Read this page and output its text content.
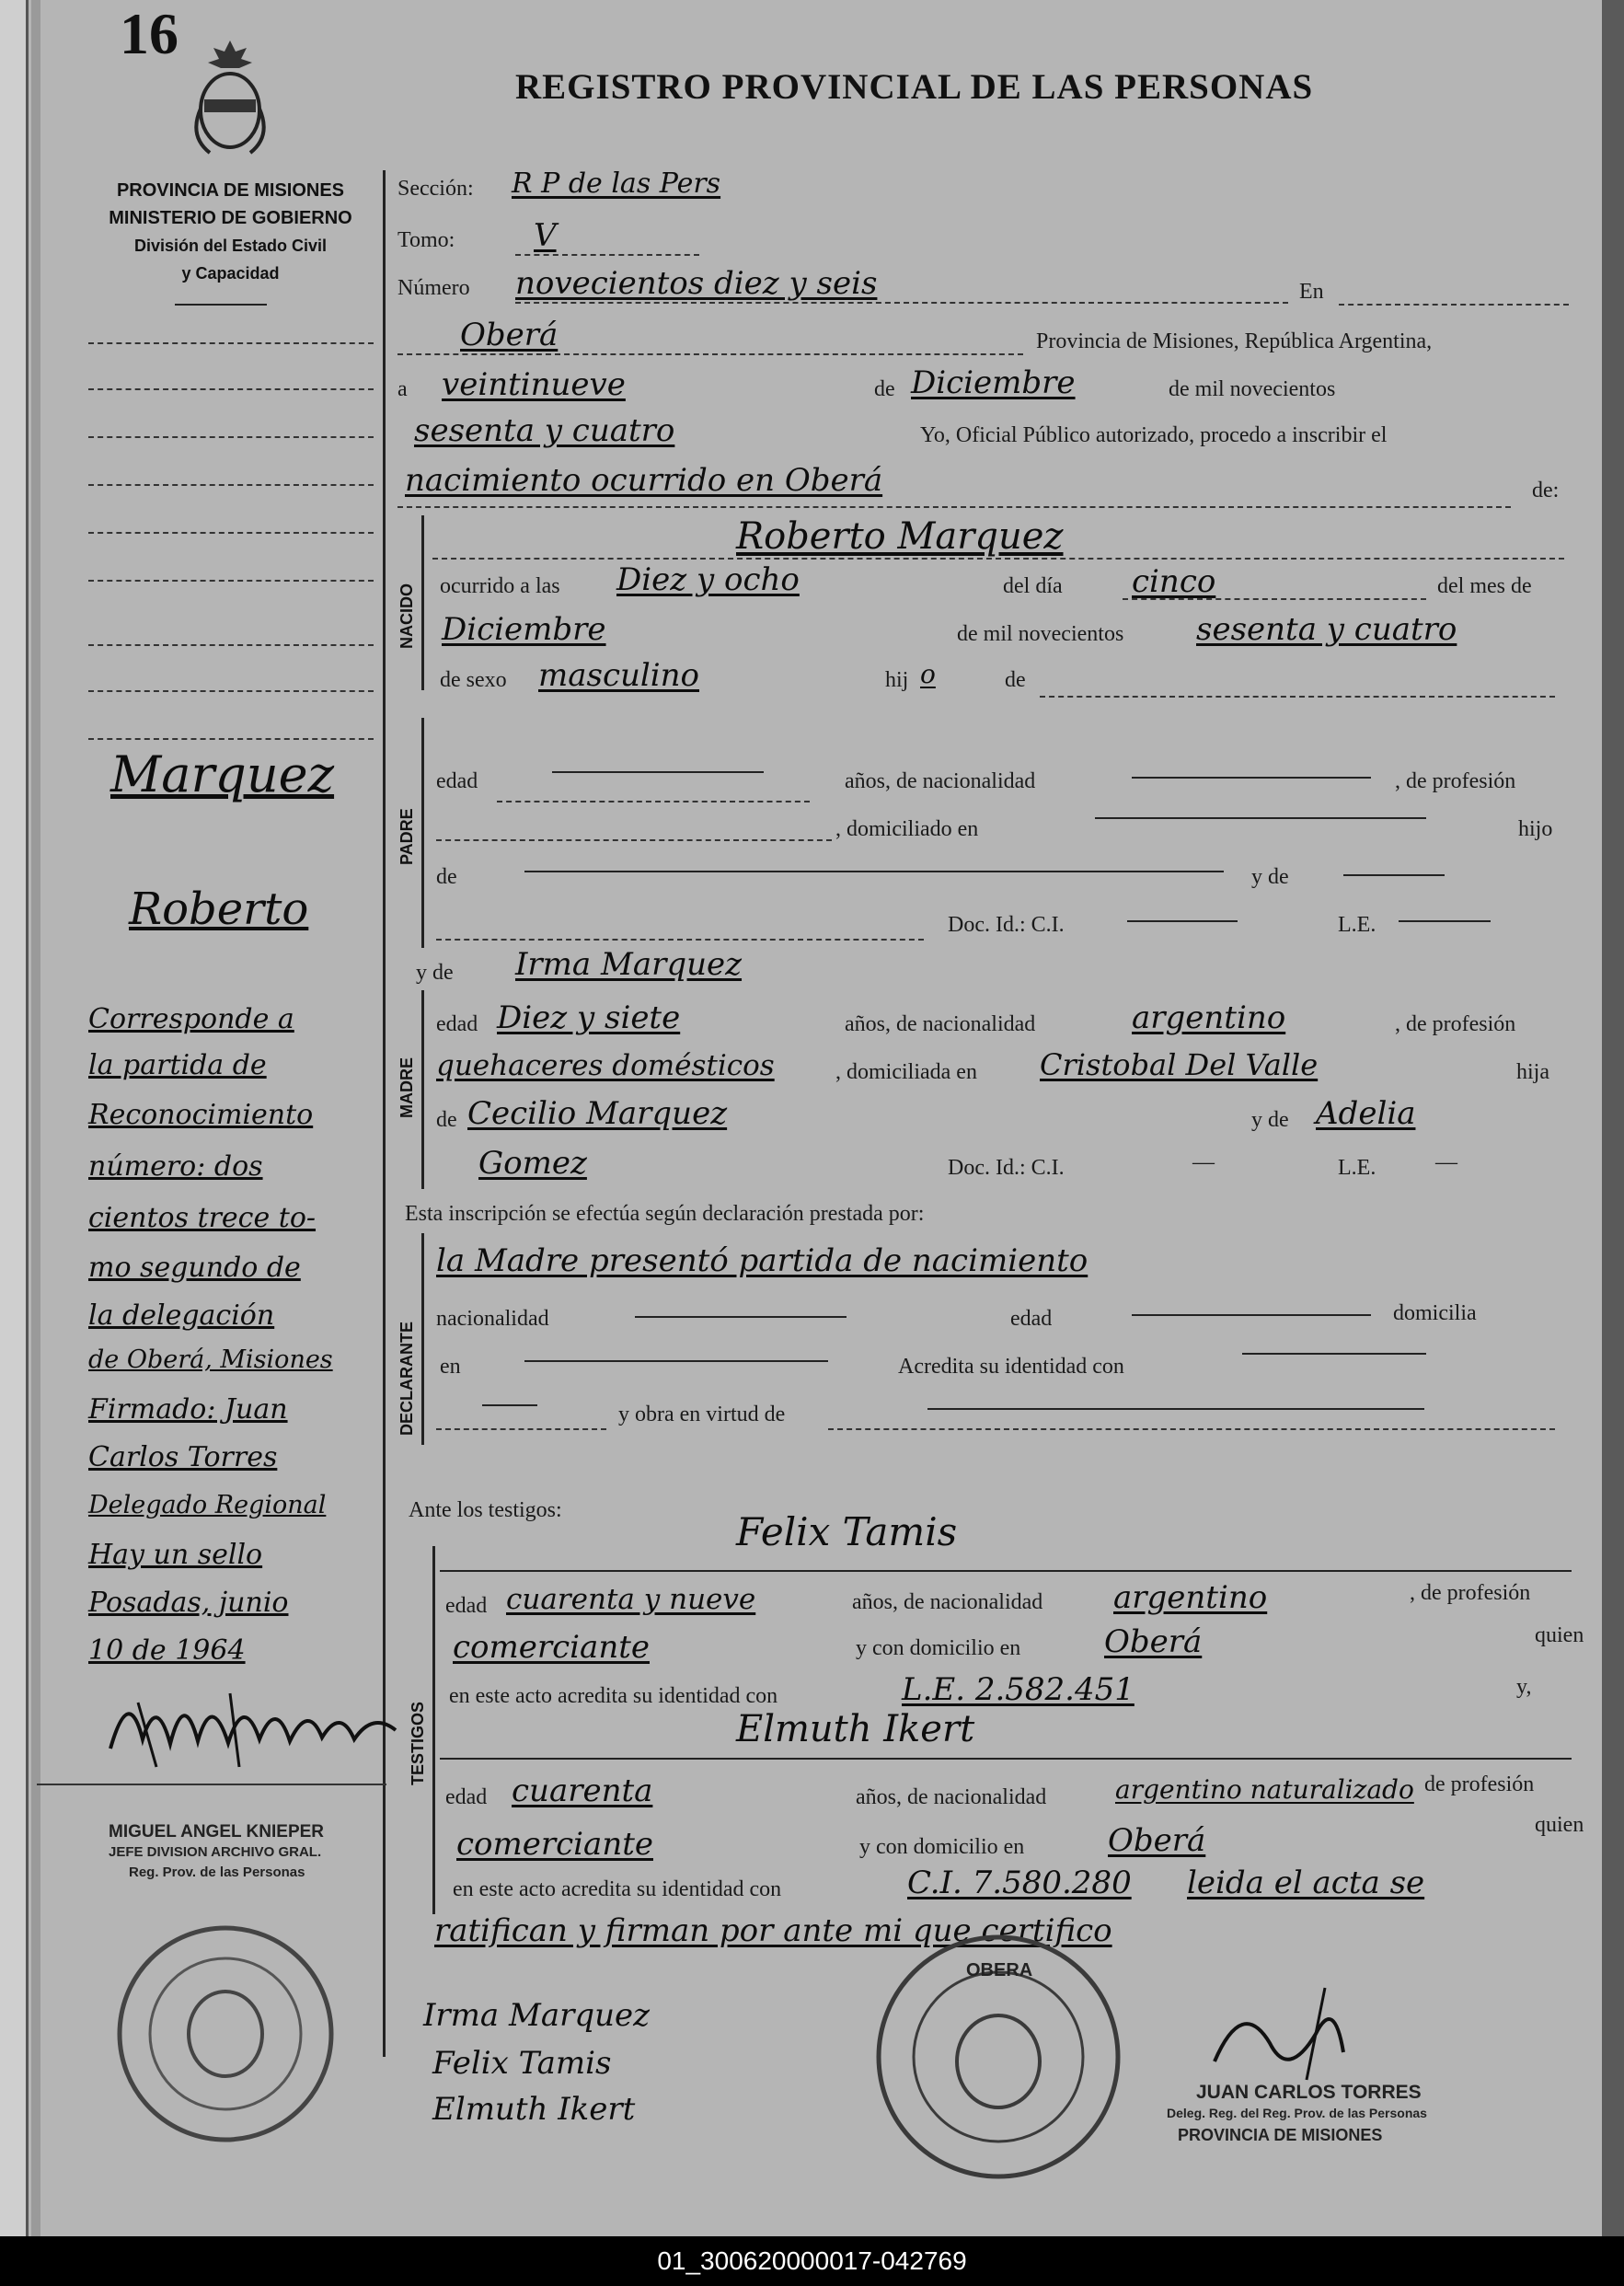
16
REGISTRO PROVINCIAL DE LAS PERSONAS
PROVINCIA DE MISIONES
MINISTERIO DE GOBIERNO
División del Estado Civil
y Capacidad
Marquez
Roberto
Corresponde a
la partida de
Reconocimiento
número: dos
cientos trece to-
mo segundo de
la delegación
de Oberá, Misiones
Firmado: Juan
Carlos Torres
Delegado Regional
Hay un sello
Posadas, junio
10 de 1964
MIGUEL ANGEL KNIEPER
JEFE DIVISION ARCHIVO GRAL.
Reg. Prov. de las Personas
Sección: R P de las Pers
Tomo:	V
Número novecientos diez y seis	En
Oberá	Provincia de Misiones, República Argentina,
a veintinueve	de Diciembre	de mil novecientos
sesenta y cuatro	Yo, Oficial Público autorizado, procedo a inscribir el
nacimiento ocurrido en Oberá	de:
NACIDO
Roberto Marquez
ocurrido a las Diez y ocho	del día cinco	del mes de
Diciembre	de mil novecientos sesenta y cuatro
de sexo masculino	hij o	de
PADRE
edad	años, de nacionalidad	, de profesión
, domiciliado en	hijo
de	y de
Doc. Id.: C.I.	L.E.
y de Irma Marquez
MADRE
edad Diez y siete	años, de nacionalidad	argentino	, de profesión
quehaceres domésticos	, domiciliada en Cristobal Del Valle	hija
de Cecilio Marquez	y de Adelia
Gomez	Doc. Id.: C.I.	—	L.E.	—
Esta inscripción se efectúa según declaración prestada por:
DECLARANTE
la Madre presentó partida de nacimiento
nacionalidad	edad	domicilia
en	Acredita su identidad con
y obra en virtud de
Ante los testigos:	Felix Tamis
TESTIGOS
edad cuarenta y nueve	años, de nacionalidad argentino	, de profesión
comerciante	y con domicilio en	Oberá	quien
en este acto acredita su identidad con	L.E. 2.582.451	y,
Elmuth Ikert
edad cuarenta	años, de nacionalidad	argentino naturalizado de profesión
comerciante	y con domicilio en	Oberá	quien
en este acto acredita su identidad con	C.I. 7.580.280 leida el acta se
ratifican y firman por ante mi que certifico
OBERA
Irma Marquez
Felix Tamis
Elmuth Ikert	JUAN CARLOS TORRES
Deleg. Reg. del Reg. Prov. de las Personas
PROVINCIA DE MISIONES
01_300620000017-042769
